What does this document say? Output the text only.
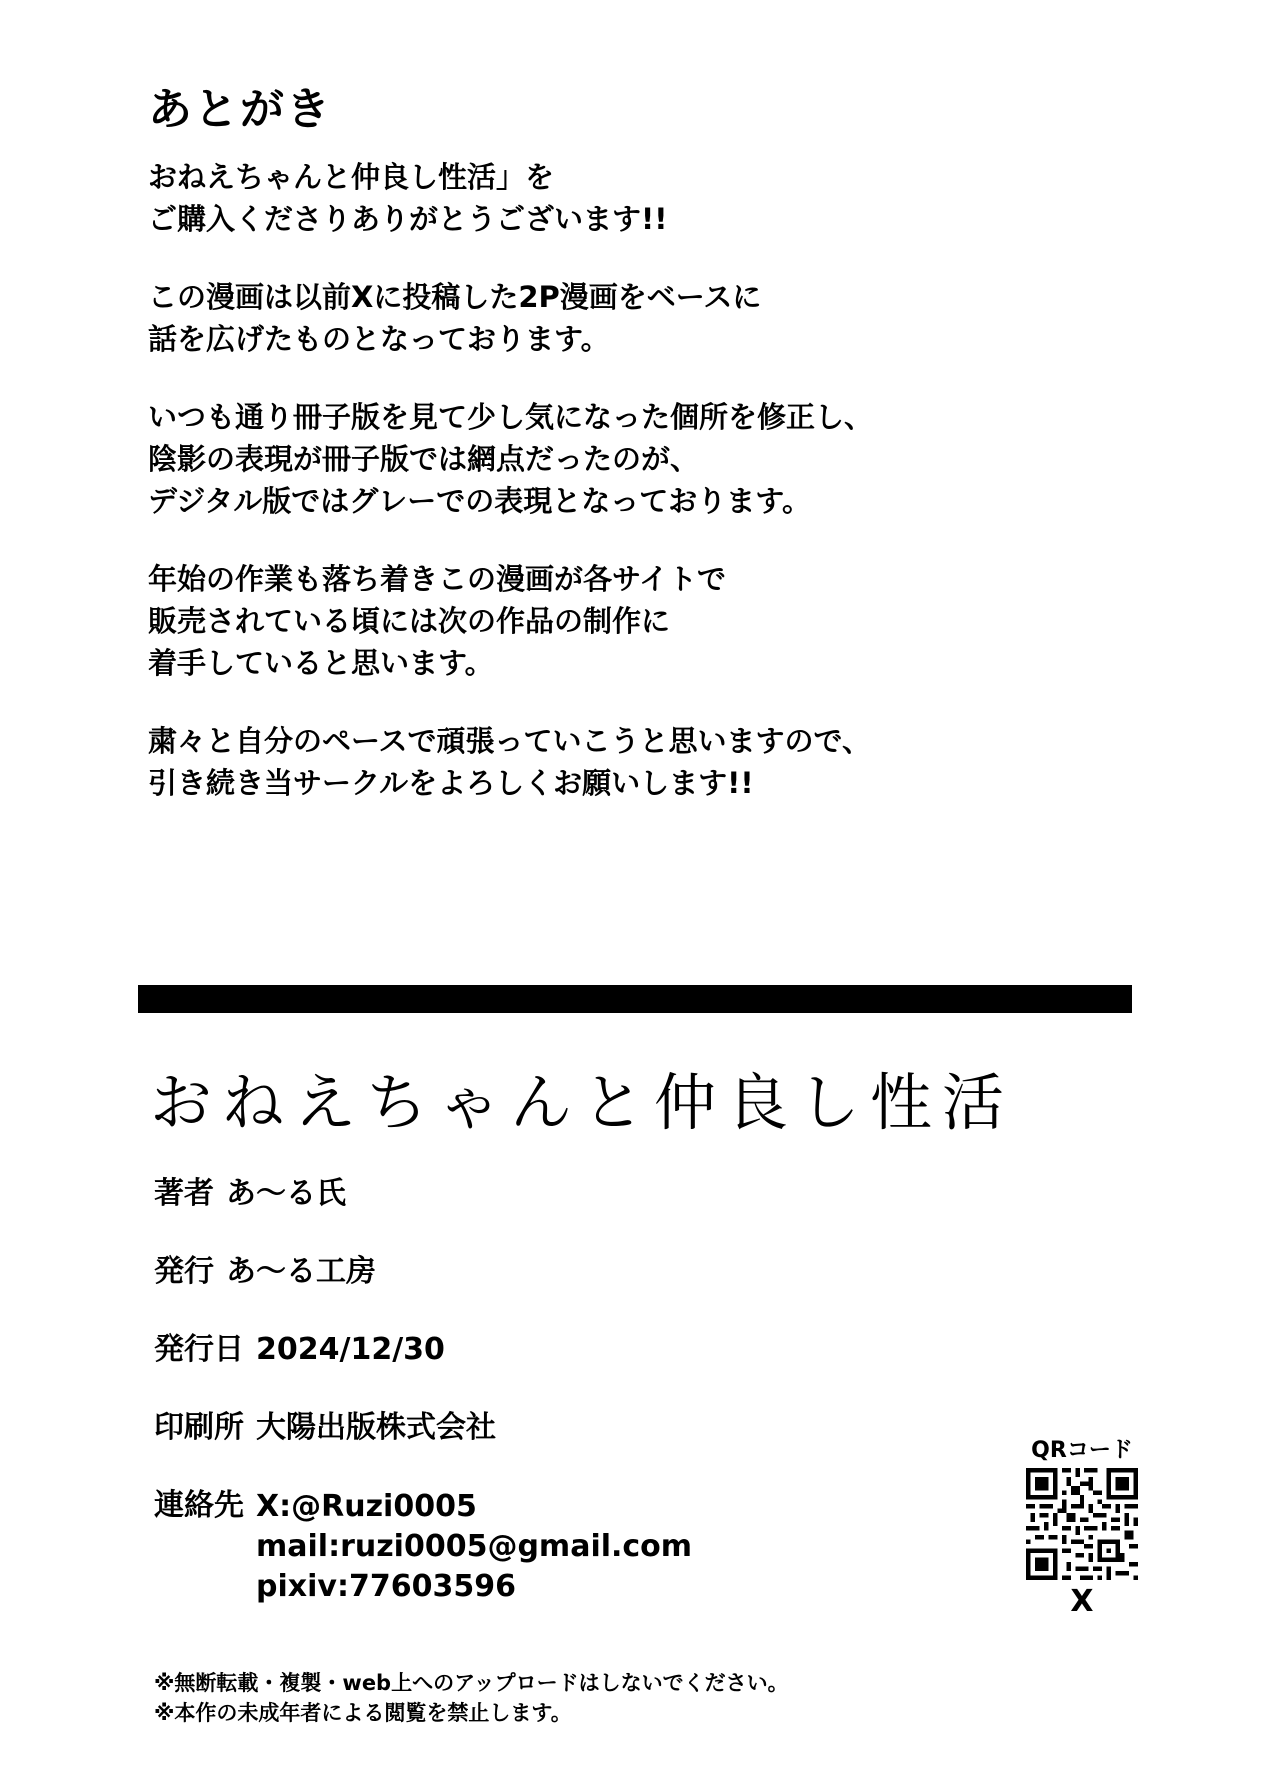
あとがき
おねえちゃんと仲良し性活」を
ご購入くださりありがとうございます!!
この漫画は以前Xに投稿した2P漫画をベースに
話を広げたものとなっております。
いつも通り冊子版を見て少し気になった個所を修正し、
陰影の表現が冊子版では網点だったのが、
デジタル版ではグレーでの表現となっております。
年始の作業も落ち着きこの漫画が各サイトで
販売されている頃には次の作品の制作に
着手していると思います。
粛々と自分のペースで頑張っていこうと思いますので、
引き続き当サークルをよろしくお願いします!!
おねえちゃんと仲良し性活
著者 あ〜る氏
発行 あ〜る工房
発行日 2024/12/30
印刷所 大陽出版株式会社
連絡先 X:@Ruzi0005
mail:ruzi0005@gmail.com
pixiv:77603596
QRコード
X
※無断転載・複製・web上へのアップロードはしないでください。
※本作の未成年者による閲覧を禁止します。
